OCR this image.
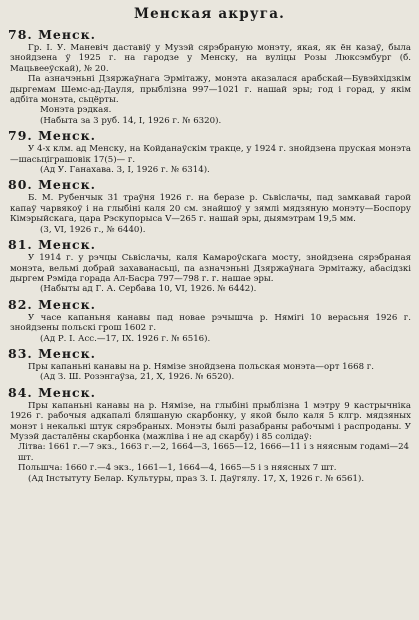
Менская акруга.
78. Менск.
Гр. І. У. Маневіч даставіў у Музэй сярэбраную монэту, якая, як ён казаў, была знойдзена ў 1925 г. на гародзе у Менску, на вуліцы Розы Люксэмбург (б. Мацьвееўскай), № 20.
Па азначэньні Дзяржаўнага Эрмітажу, монэта аказалася арабскай—Бувэйхідзкім дыргемам Шемс-ад-Дауля, прыблізна 997—1021 г. нашай эры; год і горад, у якім адбіта монэта, сьцёрты.
Монэта рэдкая.
(Набыта за 3 руб. 14, І, 1926 г. № 6320).
79. Менск.
У 4-х клм. ад Менску, на Койданаўскім тракце, у 1924 г. знойдзена пруская монэта—шасьціграшовік 17(5)— г.
(Ад У. Ганахава. 3, І, 1926 г. № 6314).
80. Менск.
Б. М. Рубенчык 31 траўня 1926 г. на беразе р. Сьвіслачы, пад замкавай гарой капаў чарвякоў і на глыбіні каля 20 см. знайшоў у зямлі мядзяную монэту—Боспору Кімэрыйскага, цара Рэскупорыса V—265 г. нашай эры, дыямэтрам 19,5 мм.
(3, VI, 1926 г., № 6440).
81. Менск.
У 1914 г. у рэчцы Сьвіслачы, каля Камароўскага мосту, знойдзена сярэбраная монэта, вельмі добрай захаванасьці, па азначэньні Дзяржаўнага Эрмітажу, абасідзкі дыргем Рэміда горада Ал-Басра 797—798 г. г. нашае эры.
(Набыты ад Г. А. Сербава 10, VI, 1926. № 6442).
82. Менск.
У часе капаньня канавы пад новае рэчышча р. Нямігі 10 верасьня 1926 г. знойдзены польскі грош 1602 г.
(Ад Р. І. Асс.—17, ІХ. 1926 г. № 6516).
83. Менск.
Пры капаньні канавы на р. Нямізе знойдзена польская монэта—орт 1668 г.
(Ад З. Ш. Розэнгаўза, 21, Х, 1926. № 6520).
84. Менск.
Пры капаньні канавы на р. Нямізе, на глыбіні прыблізна 1 мэтру 9 кастрычніка 1926 г. рабочыя адкапалі бляшаную скарбонку, у якой было каля 5 клгр. мядзяных монэт і некалькі штук сярэбраных. Монэты былі разабраны рабочымі і распроданы. У Музэй дасталёны скарбонка (мажліва і не ад скарбу) і 85 солідаў:
Літва: 1661 г.—7 экз., 1663 г.—2, 1664—3, 1665—12, 1666—11 і з няясным годамі—24 шт.
Польшча: 1660 г.—4 экз., 1661—1, 1664—4, 1665—5 і з няясных 7 шт.
(Ад Інстытуту Белар. Культуры, праз З. І. Даўгялу. 17, Х, 1926 г. № 6561).
